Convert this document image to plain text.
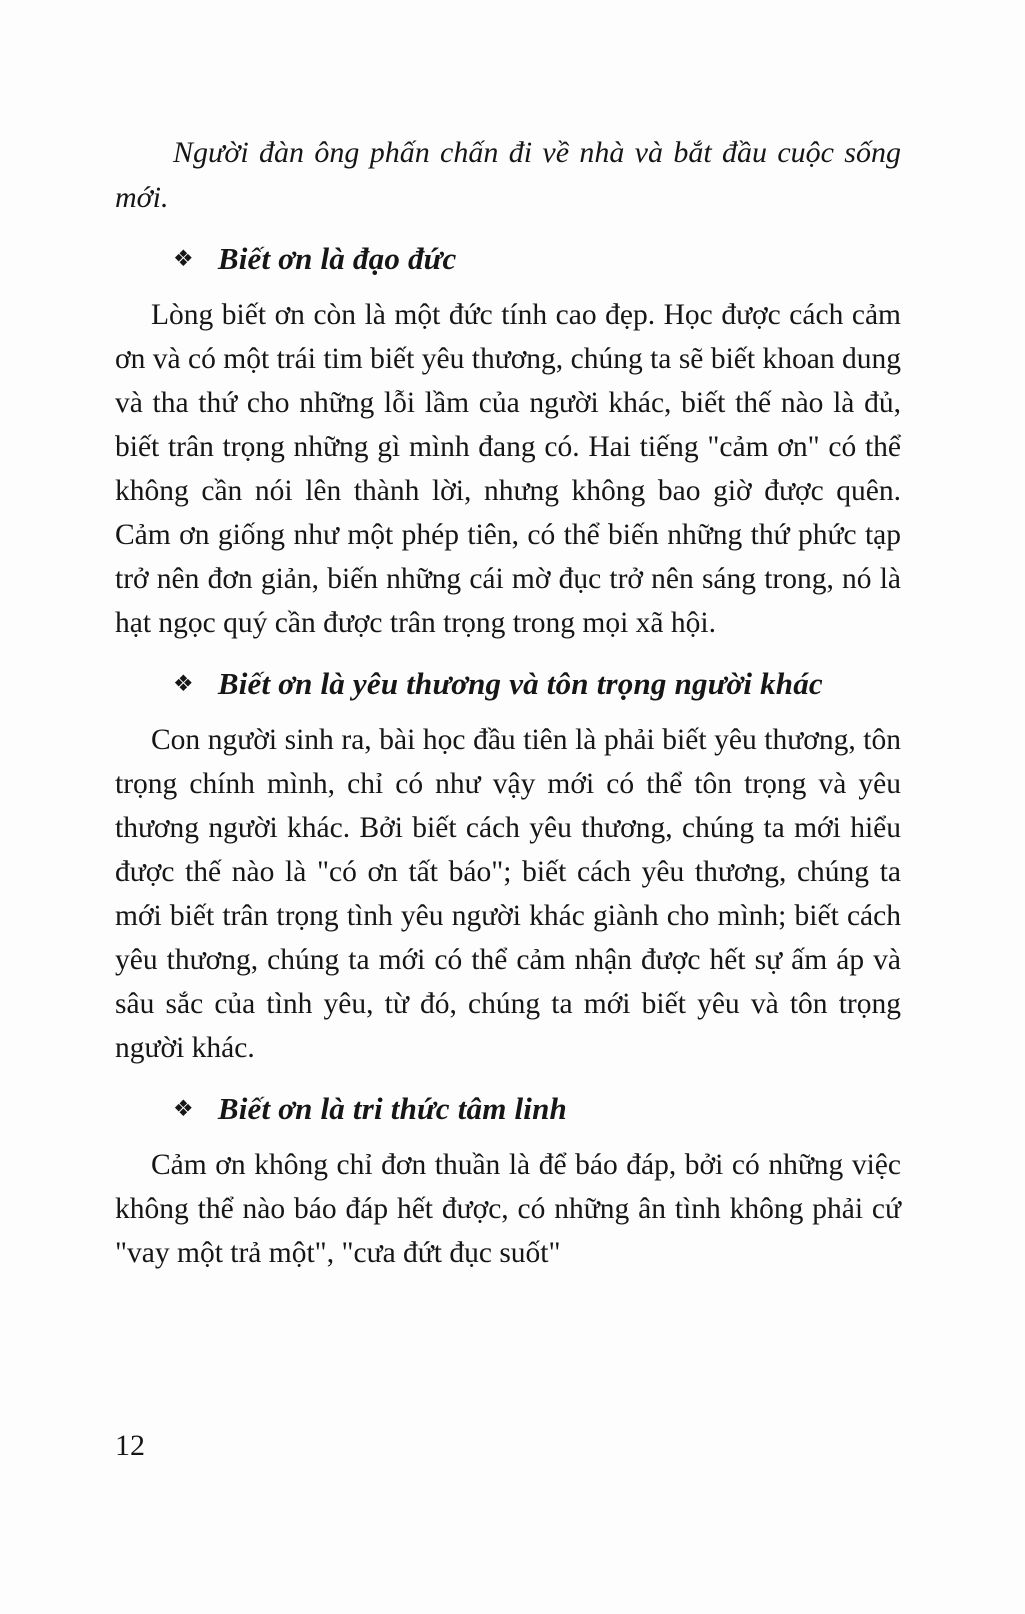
Người đàn ông phấn chấn đi về nhà và bắt đầu cuộc sống mới.

❖ Biết ơn là đạo đức

Lòng biết ơn còn là một đức tính cao đẹp. Học được cách cảm ơn và có một trái tim biết yêu thương, chúng ta sẽ biết khoan dung và tha thứ cho những lỗi lầm của người khác, biết thế nào là đủ, biết trân trọng những gì mình đang có. Hai tiếng "cảm ơn" có thể không cần nói lên thành lời, nhưng không bao giờ được quên. Cảm ơn giống như một phép tiên, có thể biến những thứ phức tạp trở nên đơn giản, biến những cái mờ đục trở nên sáng trong, nó là hạt ngọc quý cần được trân trọng trong mọi xã hội.

❖ Biết ơn là yêu thương và tôn trọng người khác

Con người sinh ra, bài học đầu tiên là phải biết yêu thương, tôn trọng chính mình, chỉ có như vậy mới có thể tôn trọng và yêu thương người khác. Bởi biết cách yêu thương, chúng ta mới hiểu được thế nào là "có ơn tất báo"; biết cách yêu thương, chúng ta mới biết trân trọng tình yêu người khác giành cho mình; biết cách yêu thương, chúng ta mới có thể cảm nhận được hết sự ấm áp và sâu sắc của tình yêu, từ đó, chúng ta mới biết yêu và tôn trọng người khác.

❖ Biết ơn là tri thức tâm linh

Cảm ơn không chỉ đơn thuần là để báo đáp, bởi có những việc không thể nào báo đáp hết được, có những ân tình không phải cứ "vay một trả một", "cưa đứt đục suốt"

12
